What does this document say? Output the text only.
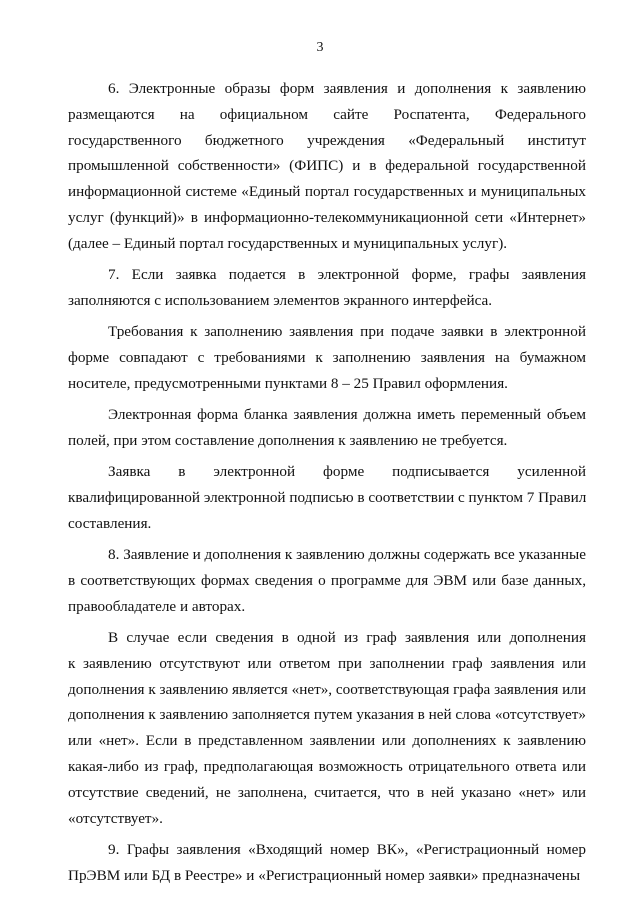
3
6. Электронные образы форм заявления и дополнения к заявлению
размещаются на официальном сайте Роспатента, Федерального
государственного бюджетного учреждения «Федеральный институт
промышленной собственности» (ФИПС) и в федеральной государственной
информационной системе «Единый портал государственных и муниципальных
услуг (функций)» в информационно-телекоммуникационной сети «Интернет»
(далее – Единый портал государственных и муниципальных услуг).
7. Если заявка подается в электронной форме, графы заявления
заполняются с использованием элементов экранного интерфейса.
Требования к заполнению заявления при подаче заявки в электронной
форме совпадают с требованиями к заполнению заявления на бумажном
носителе, предусмотренными пунктами 8 – 25 Правил оформления.
Электронная форма бланка заявления должна иметь переменный объем
полей, при этом составление дополнения к заявлению не требуется.
Заявка в электронной форме подписывается усиленной
квалифицированной электронной подписью в соответствии с пунктом 7 Правил
составления.
8. Заявление и дополнения к заявлению должны содержать все указанные
в соответствующих формах сведения о программе для ЭВМ или базе данных,
правообладателе и авторах.
В случае если сведения в одной из граф заявления или дополнения
к заявлению отсутствуют или ответом при заполнении граф заявления или
дополнения к заявлению является «нет», соответствующая графа заявления или
дополнения к заявлению заполняется путем указания в ней слова «отсутствует»
или «нет». Если в представленном заявлении или дополнениях к заявлению
какая-либо из граф, предполагающая возможность отрицательного ответа или
отсутствие сведений, не заполнена, считается, что в ней указано «нет» или
«отсутствует».
9. Графы заявления «Входящий номер ВК», «Регистрационный номер
ПрЭВМ или БД в Реестре» и «Регистрационный номер заявки» предназначены
